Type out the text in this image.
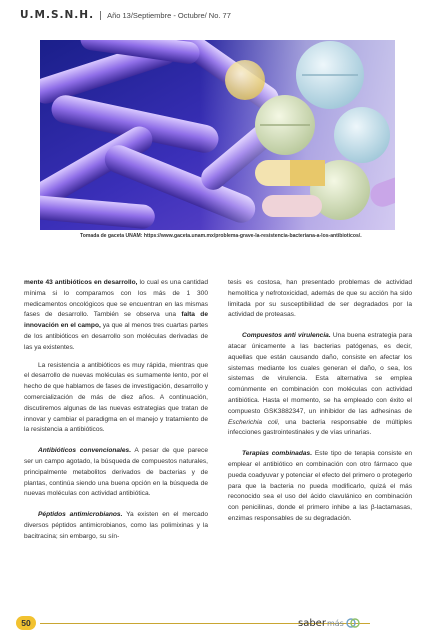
U.M.S.N.H.	Año 13/Septiembre - Octubre/ No. 77
Tomada de gaceta UNAM: https://www.gaceta.unam.mx/problema-grave-la-resistencia-bacteriana-a-los-antibioticos/.

mente 43 antibióticos en desarrollo, lo cual es una cantidad mínima si lo comparamos con los más de 1 300 medicamentos oncológicos que se encuentran en las mismas fases de desarrollo. También se observa una falta de innovación en el campo, ya que al menos tres cuartas partes de los antibióticos en desarrollo son moléculas derivadas de las ya existentes.

La resistencia a antibióticos es muy rápida, mientras que el desarrollo de nuevas moléculas es sumamente lento, por el hecho de que hablamos de fases de investigación, desarrollo y comercialización de más de diez años. A continuación, discutiremos algunas de las nuevas estrategias que tratan de innovar y cambiar el paradigma en el manejo y tratamiento de la resistencia a antibióticos.

Antibióticos convencionales. A pesar de que parece ser un campo agotado, la búsqueda de compuestos naturales, principalmente metabolitos derivados de bacterias y de plantas, continúa siendo una buena opción en la búsqueda de nuevas moléculas con actividad antibiótica.

Péptidos antimicrobianos. Ya existen en el mercado diversos péptidos antimicrobianos, como las polimixinas y la bacitracina; sin embargo, su sín-

tesis es costosa, han presentado problemas de actividad hemolítica y nefrotoxicidad, además de que su acción ha sido limitada por su susceptibilidad de ser degradados por la actividad de proteasas.

Compuestos anti virulencia. Una buena estrategia para atacar únicamente a las bacterias patógenas, es decir, aquellas que están causando daño, consiste en afectar los sistemas mediante los cuales generan el daño, o sea, los sistemas de virulencia. Esta alternativa se emplea comúnmente en combinación con moléculas con actividad antibiótica. Hasta el momento, se ha empleado con éxito el compuesto GSK3882347, un inhibidor de las adhesinas de Escherichia coli, una bacteria responsable de múltiples infecciones gastrointestinales y de vías urinarias.

Terapias combinadas. Este tipo de terapia consiste en emplear el antibiótico en combinación con otro fármaco que pueda coadyuvar y potenciar el efecto del primero o protegerlo para que la bacteria no pueda modificarlo, quizá el más reconocido sea el uso del ácido clavulánico en combinación con penicilinas, donde el primero inhibe a las β-lactamasas, enzimas responsables de su degradación.

50	saber más
